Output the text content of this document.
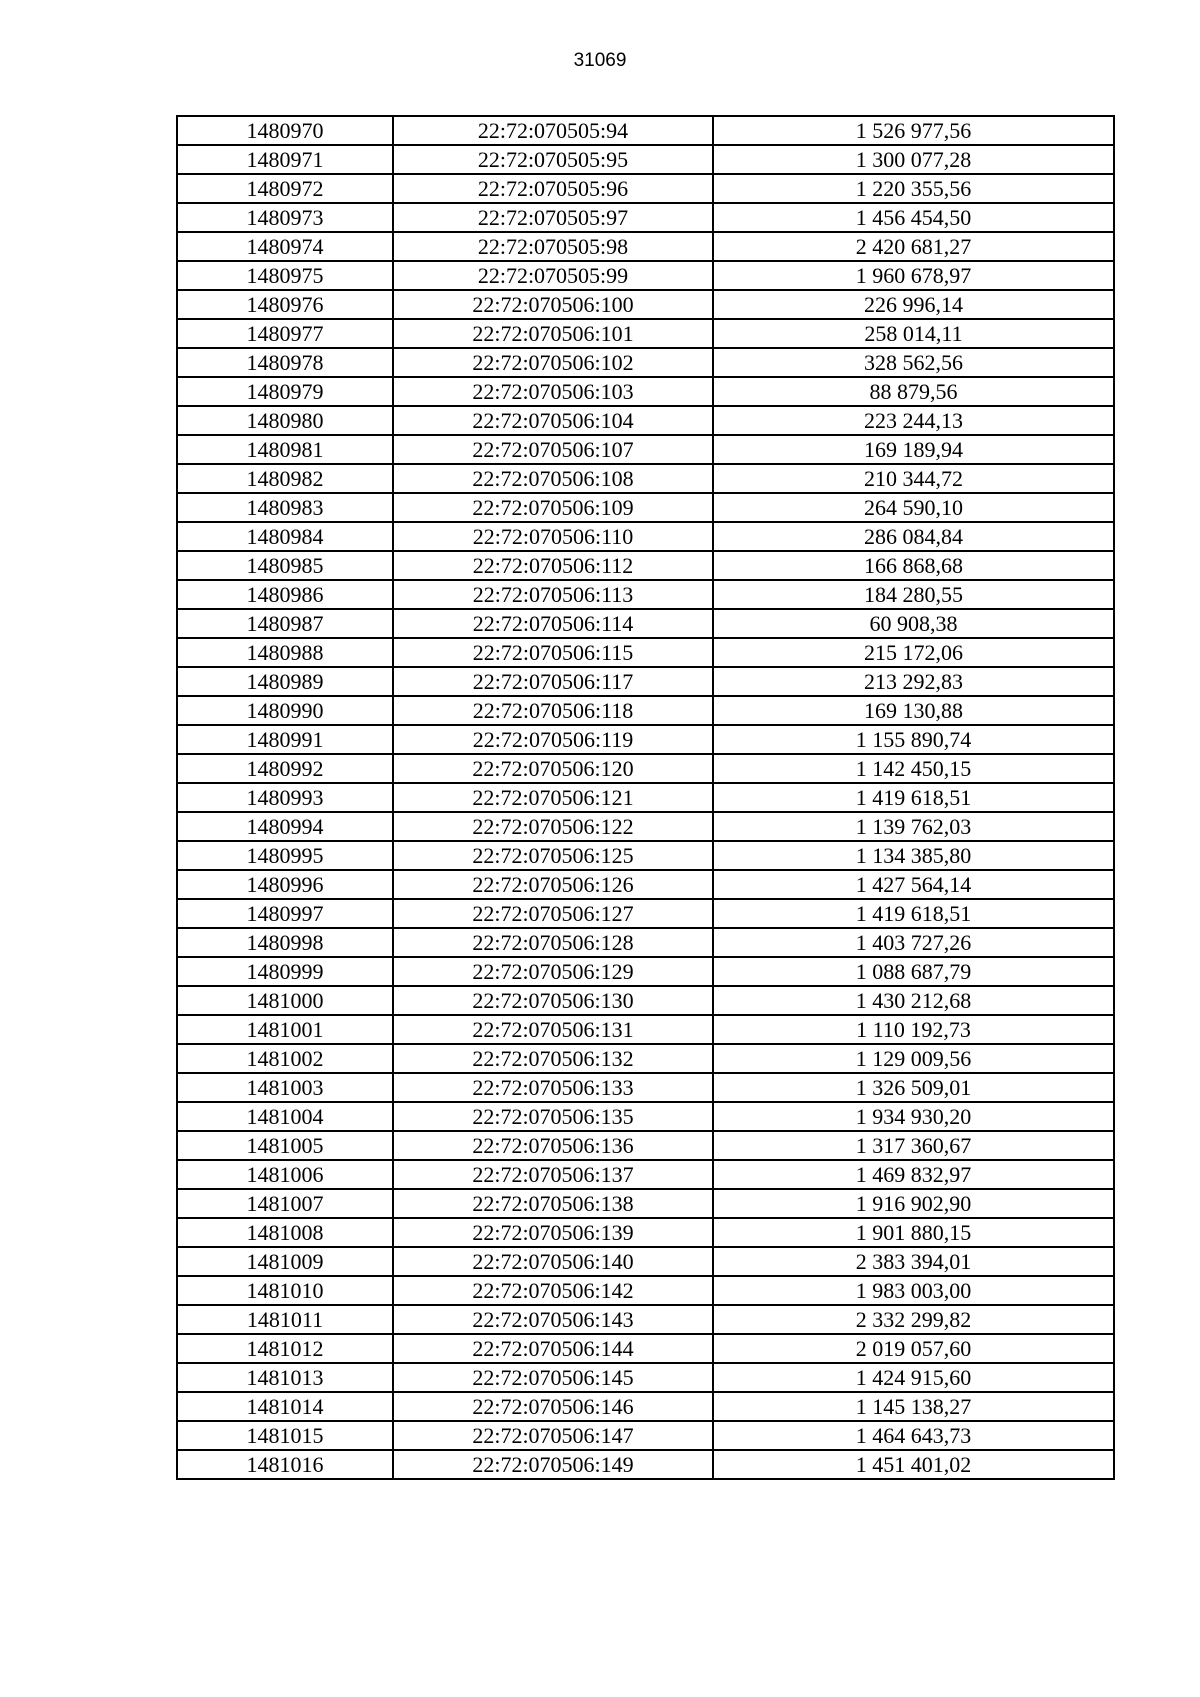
31069
1480970	22:72:070505:94	1 526 977,56
1480971	22:72:070505:95	1 300 077,28
1480972	22:72:070505:96	1 220 355,56
1480973	22:72:070505:97	1 456 454,50
1480974	22:72:070505:98	2 420 681,27
1480975	22:72:070505:99	1 960 678,97
1480976	22:72:070506:100	226 996,14
1480977	22:72:070506:101	258 014,11
1480978	22:72:070506:102	328 562,56
1480979	22:72:070506:103	88 879,56
1480980	22:72:070506:104	223 244,13
1480981	22:72:070506:107	169 189,94
1480982	22:72:070506:108	210 344,72
1480983	22:72:070506:109	264 590,10
1480984	22:72:070506:110	286 084,84
1480985	22:72:070506:112	166 868,68
1480986	22:72:070506:113	184 280,55
1480987	22:72:070506:114	60 908,38
1480988	22:72:070506:115	215 172,06
1480989	22:72:070506:117	213 292,83
1480990	22:72:070506:118	169 130,88
1480991	22:72:070506:119	1 155 890,74
1480992	22:72:070506:120	1 142 450,15
1480993	22:72:070506:121	1 419 618,51
1480994	22:72:070506:122	1 139 762,03
1480995	22:72:070506:125	1 134 385,80
1480996	22:72:070506:126	1 427 564,14
1480997	22:72:070506:127	1 419 618,51
1480998	22:72:070506:128	1 403 727,26
1480999	22:72:070506:129	1 088 687,79
1481000	22:72:070506:130	1 430 212,68
1481001	22:72:070506:131	1 110 192,73
1481002	22:72:070506:132	1 129 009,56
1481003	22:72:070506:133	1 326 509,01
1481004	22:72:070506:135	1 934 930,20
1481005	22:72:070506:136	1 317 360,67
1481006	22:72:070506:137	1 469 832,97
1481007	22:72:070506:138	1 916 902,90
1481008	22:72:070506:139	1 901 880,15
1481009	22:72:070506:140	2 383 394,01
1481010	22:72:070506:142	1 983 003,00
1481011	22:72:070506:143	2 332 299,82
1481012	22:72:070506:144	2 019 057,60
1481013	22:72:070506:145	1 424 915,60
1481014	22:72:070506:146	1 145 138,27
1481015	22:72:070506:147	1 464 643,73
1481016	22:72:070506:149	1 451 401,02
